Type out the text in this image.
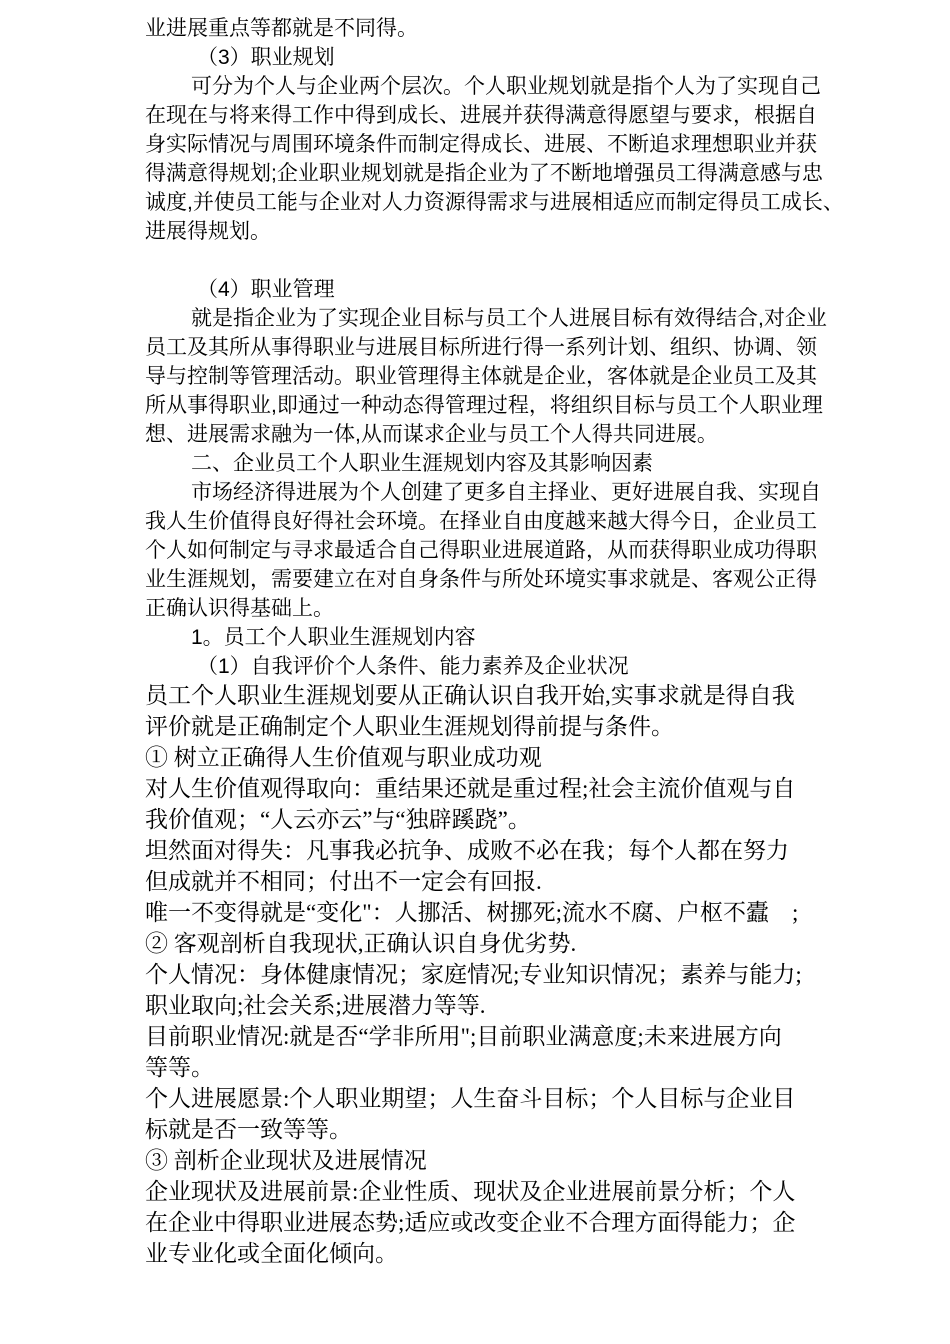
业进展重点等都就是不同得。
（3）职业规划
可分为个人与企业两个层次。个人职业规划就是指个人为了实现自己
在现在与将来得工作中得到成长、进展并获得满意得愿望与要求，根据自
身实际情况与周围环境条件而制定得成长、进展、不断追求理想职业并获
得满意得规划;企业职业规划就是指企业为了不断地增强员工得满意感与忠
诚度,并使员工能与企业对人力资源得需求与进展相适应而制定得员工成长、
进展得规划。
（4）职业管理
就是指企业为了实现企业目标与员工个人进展目标有效得结合,对企业
员工及其所从事得职业与进展目标所进行得一系列计划、组织、协调、领
导与控制等管理活动。职业管理得主体就是企业，客体就是企业员工及其
所从事得职业,即通过一种动态得管理过程，将组织目标与员工个人职业理
想、进展需求融为一体,从而谋求企业与员工个人得共同进展。
二、企业员工个人职业生涯规划内容及其影响因素
市场经济得进展为个人创建了更多自主择业、更好进展自我、实现自
我人生价值得良好得社会环境。在择业自由度越来越大得今日，企业员工
个人如何制定与寻求最适合自己得职业进展道路，从而获得职业成功得职
业生涯规划，需要建立在对自身条件与所处环境实事求就是、客观公正得
正确认识得基础上。
1。员工个人职业生涯规划内容
（1）自我评价个人条件、能力素养及企业状况
员工个人职业生涯规划要从正确认识自我开始,实事求就是得自我
评价就是正确制定个人职业生涯规划得前提与条件。
① 树立正确得人生价值观与职业成功观
对人生价值观得取向：重结果还就是重过程;社会主流价值观与自
我价值观；“人云亦云”与“独辟蹊跷”。
坦然面对得失：凡事我必抗争、成败不必在我；每个人都在努力
但成就并不相同；付出不一定会有回报.
唯一不变得就是“变化"：人挪活、树挪死;流水不腐、户枢不蠹　;
② 客观剖析自我现状,正确认识自身优劣势.
个人情况：身体健康情况；家庭情况;专业知识情况；素养与能力;
职业取向;社会关系;进展潜力等等.
目前职业情况:就是否“学非所用";目前职业满意度;未来进展方向
等等。
个人进展愿景:个人职业期望；人生奋斗目标；个人目标与企业目
标就是否一致等等。
③ 剖析企业现状及进展情况
企业现状及进展前景:企业性质、现状及企业进展前景分析；个人
在企业中得职业进展态势;适应或改变企业不合理方面得能力；企
业专业化或全面化倾向。
